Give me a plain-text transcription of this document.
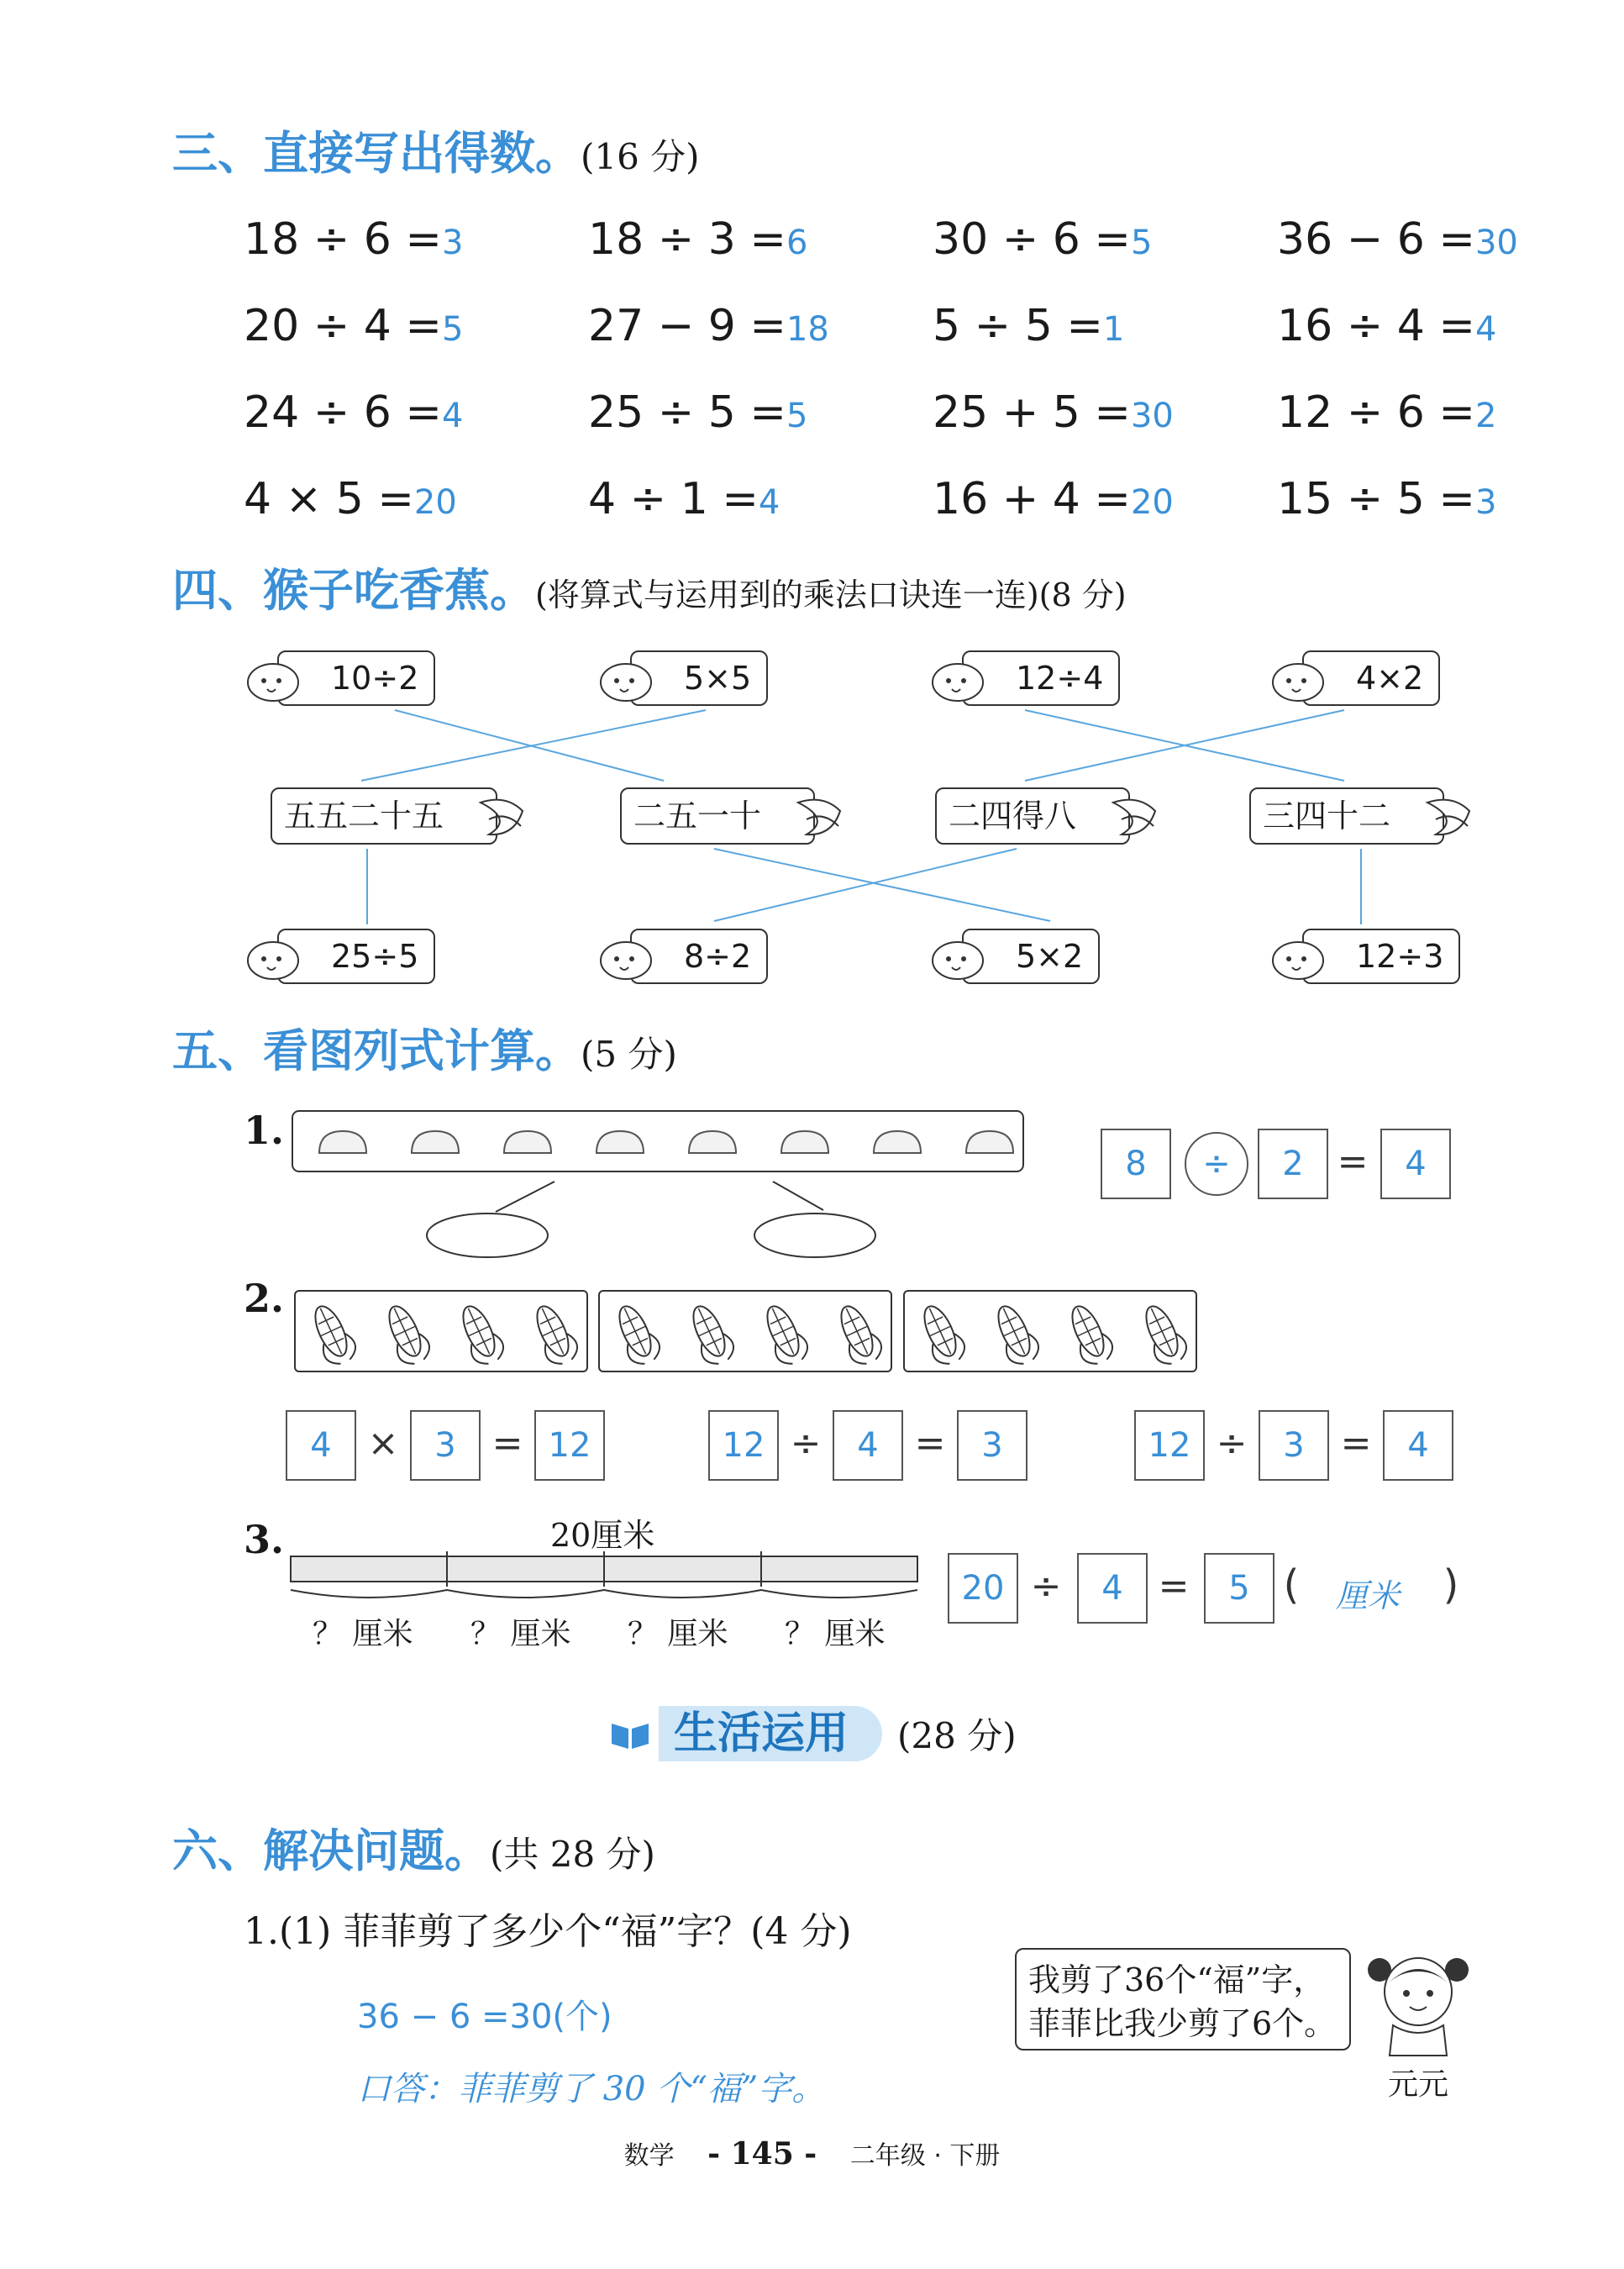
三、直接写出得数。(16 分)
18 ÷ 6 =3	18 ÷ 3 =6	30 ÷ 6 =5	36 − 6 =30
20 ÷ 4 =5	27 − 9 =18 5 ÷ 5 =1	16 ÷ 4 =4
24 ÷ 6 =4	25 ÷ 5 =5	25 + 5 =30 12 ÷ 6 =2
4 × 5 =20	4 ÷ 1 =4	16 + 4 =20 15 ÷ 5 =3
四、猴子吃香蕉。(将算式与运用到的乘法口诀连一连)(8 分)
10÷2	5×5	12÷4	4×2
五五二十五	二五一十	二四得八	三四十二
25÷5	8÷2	5×2	12÷3
五、看图列式计算。(5 分)
1.
8	÷	2 =	4
2.
4 ×	3 = 12	12 ÷	4 =	3	12 ÷	3 =	4
3.	20厘米
？ 厘米 ？ 厘米 ？ 厘米 ？ 厘米
20 ÷	4 =	5 ( 厘米 )
生活运用	(28 分)
六、解决问题。(共 28 分)
1.(1) 菲菲剪了多少个“福”字？(4 分)
36 − 6 =30(个)
口答：菲菲剪了 30 个“福”字。
我剪了36个“福”字，
菲菲比我少剪了6个。
元元
数学 - 145 - 二年级 · 下册
